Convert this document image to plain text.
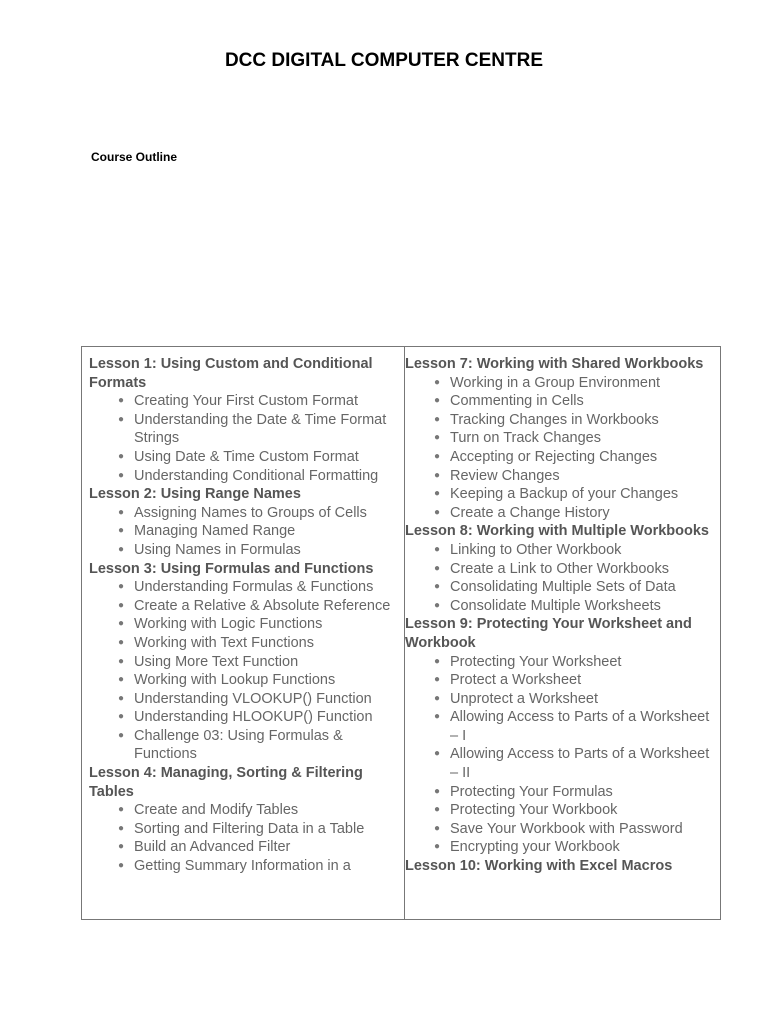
DCC DIGITAL COMPUTER CENTRE
Course Outline
Lesson 1: Using Custom and Conditional Formats
● Creating Your First Custom Format
● Understanding the Date & Time Format Strings
● Using Date & Time Custom Format
● Understanding Conditional Formatting
Lesson 2: Using Range Names
● Assigning Names to Groups of Cells
● Managing Named Range
● Using Names in Formulas
Lesson 3: Using Formulas and Functions
● Understanding Formulas & Functions
● Create a Relative & Absolute Reference
● Working with Logic Functions
● Working with Text Functions
● Using More Text Function
● Working with Lookup Functions
● Understanding VLOOKUP() Function
● Understanding HLOOKUP() Function
● Challenge 03: Using Formulas & Functions
Lesson 4: Managing, Sorting & Filtering Tables
● Create and Modify Tables
● Sorting and Filtering Data in a Table
● Build an Advanced Filter
● Getting Summary Information in a
Lesson 7: Working with Shared Workbooks
● Working in a Group Environment
● Commenting in Cells
● Tracking Changes in Workbooks
● Turn on Track Changes
● Accepting or Rejecting Changes
● Review Changes
● Keeping a Backup of your Changes
● Create a Change History
Lesson 8: Working with Multiple Workbooks
● Linking to Other Workbook
● Create a Link to Other Workbooks
● Consolidating Multiple Sets of Data
● Consolidate Multiple Worksheets
Lesson 9: Protecting Your Worksheet and Workbook
● Protecting Your Worksheet
● Protect a Worksheet
● Unprotect a Worksheet
● Allowing Access to Parts of a Worksheet – I
● Allowing Access to Parts of a Worksheet – II
● Protecting Your Formulas
● Protecting Your Workbook
● Save Your Workbook with Password
● Encrypting your Workbook
Lesson 10: Working with Excel Macros
